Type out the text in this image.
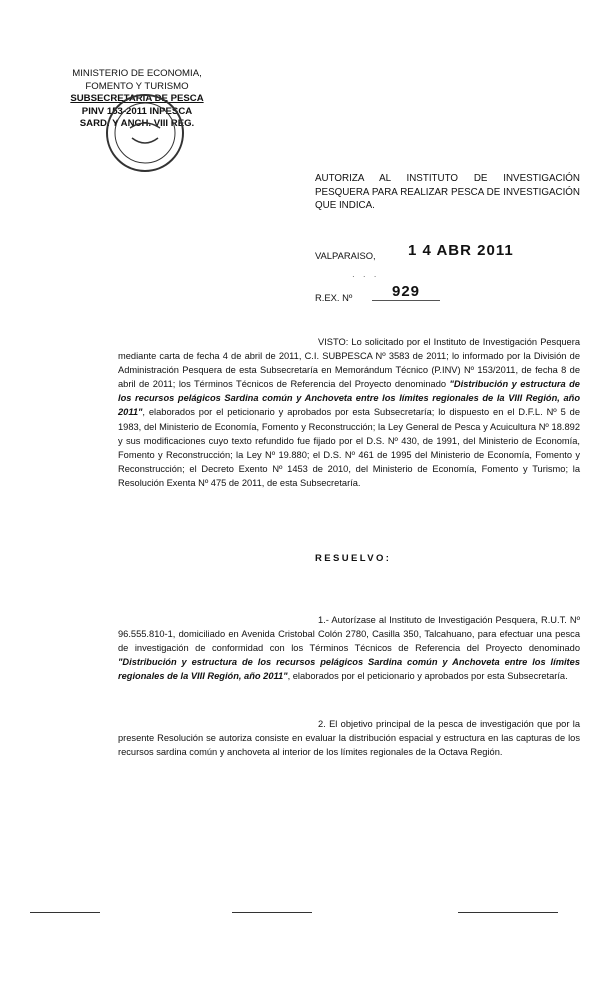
MINISTERIO DE ECONOMIA,
FOMENTO Y TURISMO
SUBSECRETARIA DE PESCA
PINV 153-2011 INPESCA
SARD. Y ANCH. VIII REG.
AUTORIZA AL INSTITUTO DE INVESTIGACIÓN PESQUERA PARA REALIZAR PESCA DE INVESTIGACIÓN QUE INDICA.
VALPARAISO, 1 4 ABR 2011
· · ·
R.EX. Nº	929
VISTO: Lo solicitado por el Instituto de Investigación Pesquera mediante carta de fecha 4 de abril de 2011, C.I. SUBPESCA Nº 3583 de 2011; lo informado por la División de Administración Pesquera de esta Subsecretaría en Memorándum Técnico (P.INV) Nº 153/2011, de fecha 8 de abril de 2011; los Términos Técnicos de Referencia del Proyecto denominado "Distribución y estructura de los recursos pelágicos Sardina común y Anchoveta entre los límites regionales de la VIII Región, año 2011", elaborados por el peticionario y aprobados por esta Subsecretaría; lo dispuesto en el D.F.L. Nº 5 de 1983, del Ministerio de Economía, Fomento y Reconstrucción; la Ley General de Pesca y Acuicultura Nº 18.892 y sus modificaciones cuyo texto refundido fue fijado por el D.S. Nº 430, de 1991, del Ministerio de Economía, Fomento y Reconstrucción; la Ley Nº 19.880; el D.S. Nº 461 de 1995 del Ministerio de Economía, Fomento y Reconstrucción; el Decreto Exento Nº 1453 de 2010, del Ministerio de Economía, Fomento y Turismo; la Resolución Exenta Nº 475 de 2011, de esta Subsecretaría.
RESUELVO:
1.- Autorízase al Instituto de Investigación Pesquera, R.U.T. Nº 96.555.810-1, domiciliado en Avenida Cristobal Colón 2780, Casilla 350, Talcahuano, para efectuar una pesca de investigación de conformidad con los Términos Técnicos de Referencia del Proyecto denominado "Distribución y estructura de los recursos pelágicos Sardina común y Anchoveta entre los límites regionales de la VIII Región, año 2011", elaborados por el peticionario y aprobados por esta Subsecretaría.
2. El objetivo principal de la pesca de investigación que por la presente Resolución se autoriza consiste en evaluar la distribución espacial y estructura en las capturas de los recursos sardina común y anchoveta al interior de los límites regionales de la Octava Región.
